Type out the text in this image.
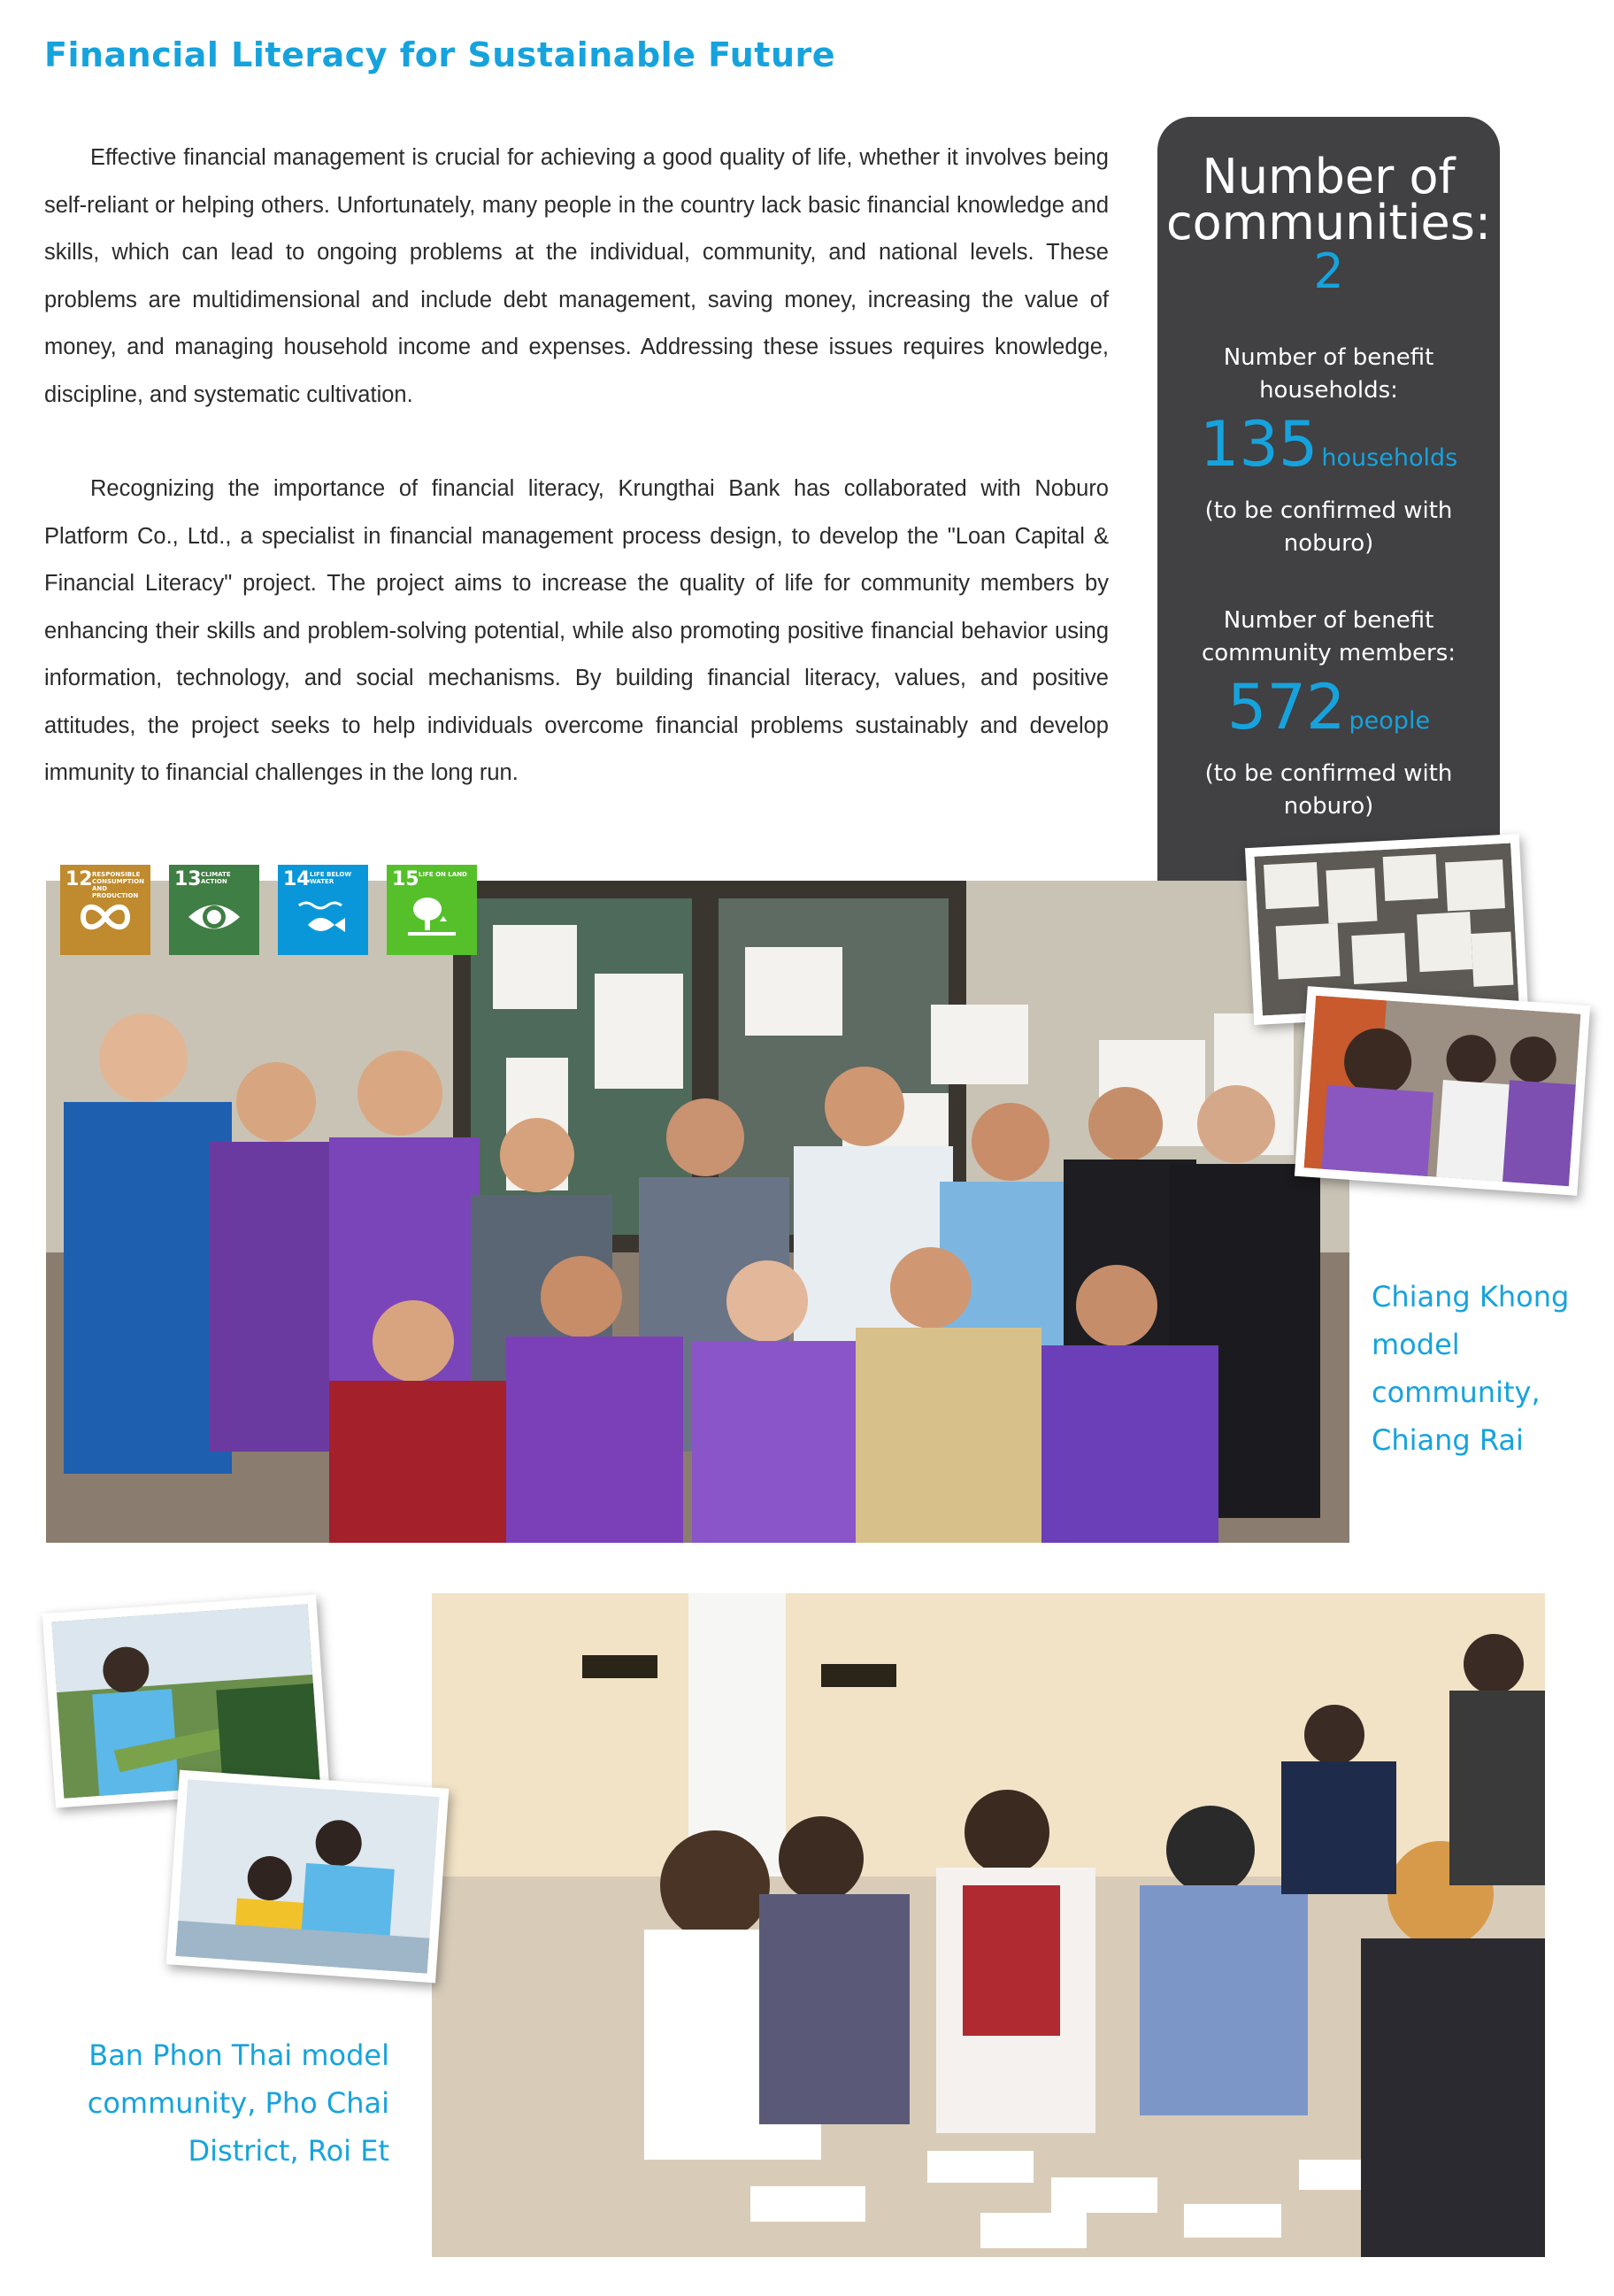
Financial Literacy for Sustainable Future

Effective financial management is crucial for achieving a good quality of life, whether it involves being self-reliant or helping others. Unfortunately, many people in the country lack basic financial knowledge and skills, which can lead to ongoing problems at the individual, community, and national levels. These problems are multidimensional and include debt management, saving money, increasing the value of money, and managing household income and expenses. Addressing these issues requires knowledge, discipline, and systematic cultivation.

Recognizing the importance of financial literacy, Krungthai Bank has collaborated with Noburo Platform Co., Ltd., a specialist in financial management process design, to develop the "Loan Capital & Financial Literacy" project. The project aims to increase the quality of life for community members by enhancing their skills and problem-solving potential, while also promoting positive financial behavior using information, technology, and social mechanisms. By building financial literacy, values, and positive attitudes, the project seeks to help individuals overcome financial problems sustainably and develop immunity to financial challenges in the long run.

Number of communities:
2
Number of benefit households:
135 households
(to be confirmed with noburo)
Number of benefit community members:
572 people
(to be confirmed with noburo)
12 RESPONSIBLE CONSUMPTION AND PRODUCTION
13 CLIMATE ACTION	14 LIFE BELOW WATER	15 LIFE ON LAND
Chiang Khong model community, Chiang Rai
Ban Phon Thai model community, Pho Chai District, Roi Et
